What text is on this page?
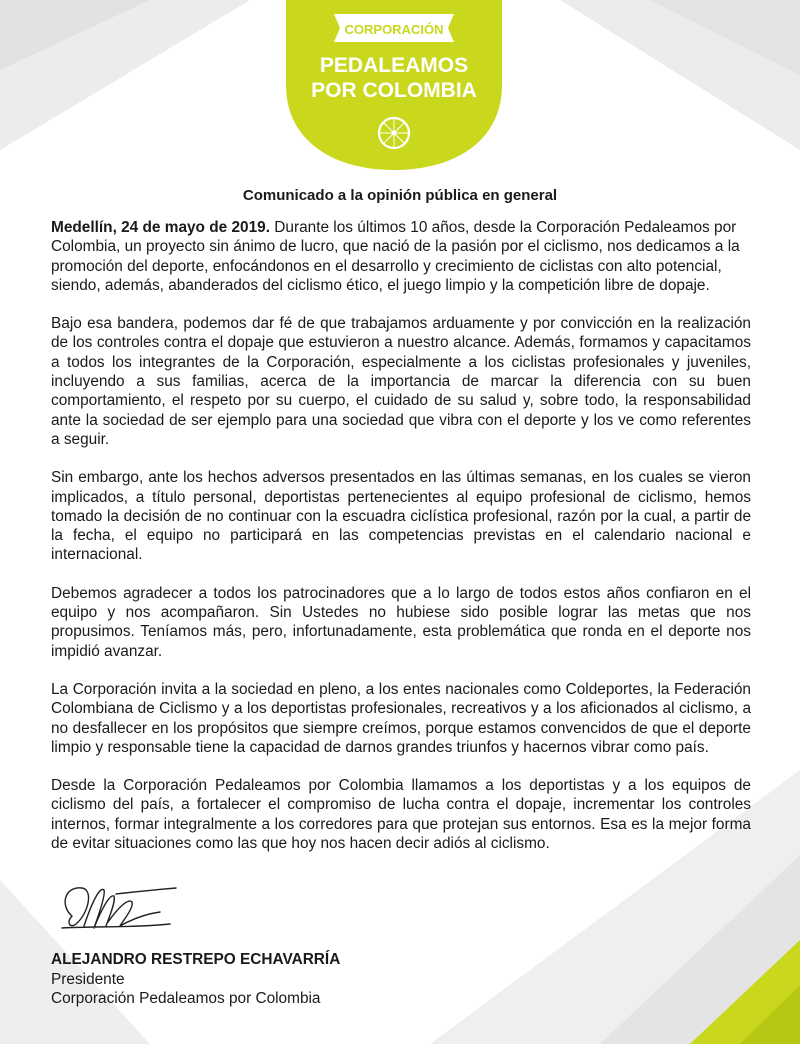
CORPORACIÓN
PEDALEAMOS
POR COLOMBIA
Comunicado a la opinión pública en general

Medellín, 24 de mayo de 2019. Durante los últimos 10 años, desde la Corporación Pedaleamos por Colombia, un proyecto sin ánimo de lucro, que nació de la pasión por el ciclismo, nos dedicamos a la promoción del deporte, enfocándonos en el desarrollo y crecimiento de ciclistas con alto potencial, siendo, además, abanderados del ciclismo ético, el juego limpio y la competición libre de dopaje.

Bajo esa bandera, podemos dar fé de que trabajamos arduamente y por convicción en la realización de los controles contra el dopaje que estuvieron a nuestro alcance. Además, formamos y capacitamos a todos los integrantes de la Corporación, especialmente a los ciclistas profesionales y juveniles, incluyendo a sus familias, acerca de la importancia de marcar la diferencia con su buen comportamiento, el respeto por su cuerpo, el cuidado de su salud y, sobre todo, la responsabilidad ante la sociedad de ser ejemplo para una sociedad que vibra con el deporte y los ve como referentes a seguir.

Sin embargo, ante los hechos adversos presentados en las últimas semanas, en los cuales se vieron implicados, a título personal, deportistas pertenecientes al equipo profesional de ciclismo, hemos tomado la decisión de no continuar con la escuadra ciclística profesional, razón por la cual, a partir de la fecha, el equipo no participará en las competencias previstas en el calendario nacional e internacional.

Debemos agradecer a todos los patrocinadores que a lo largo de todos estos años confiaron en el equipo y nos acompañaron. Sin Ustedes no hubiese sido posible lograr las metas que nos propusimos. Teníamos más, pero, infortunadamente, esta problemática que ronda en el deporte nos impidió avanzar.

La Corporación invita a la sociedad en pleno, a los entes nacionales como Coldeportes, la Federación Colombiana de Ciclismo y a los deportistas profesionales, recreativos y a los aficionados al ciclismo, a no desfallecer en los propósitos que siempre creímos, porque estamos convencidos de que el deporte limpio y responsable tiene la capacidad de darnos grandes triunfos y hacernos vibrar como país.

Desde la Corporación Pedaleamos por Colombia llamamos a los deportistas y a los equipos de ciclismo del país, a fortalecer el compromiso de lucha contra el dopaje, incrementar los controles internos, formar integralmente a los corredores para que protejan sus entornos. Esa es la mejor forma de evitar situaciones como las que hoy nos hacen decir adiós al ciclismo.

ALEJANDRO RESTREPO ECHAVARRÍA
Presidente
Corporación Pedaleamos por Colombia
